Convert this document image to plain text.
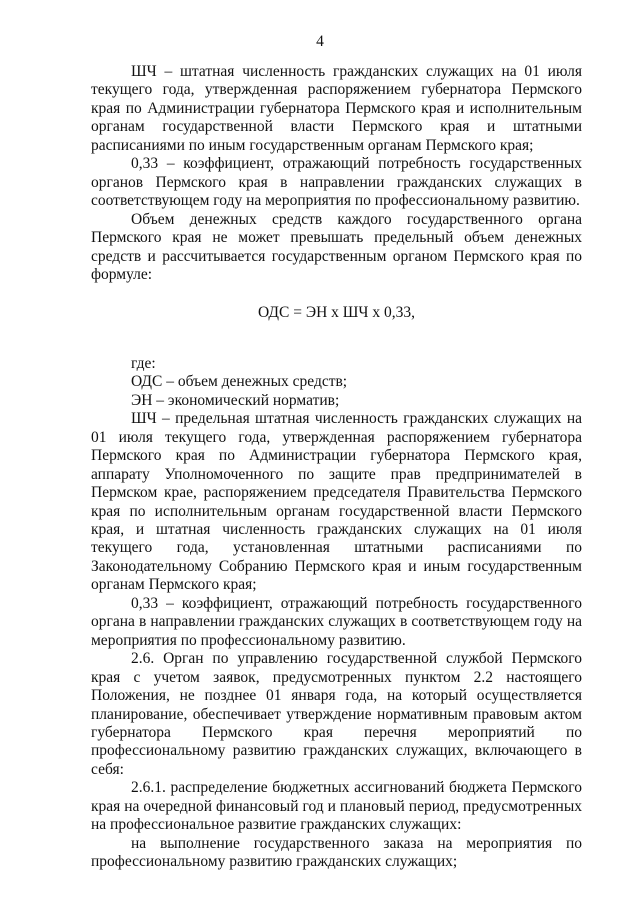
4

ШЧ – штатная численность гражданских служащих на 01 июля текущего года, утвержденная распоряжением губернатора Пермского края по Администрации губернатора Пермского края и исполнительным органам государственной власти Пермского края и штатными расписаниями по иным государственным органам Пермского края;

0,33 – коэффициент, отражающий потребность государственных органов Пермского края в направлении гражданских служащих в соответствующем году на мероприятия по профессиональному развитию.

Объем денежных средств каждого государственного органа Пермского края не может превышать предельный объем денежных средств и рассчитывается государственным органом Пермского края по формуле:

ОДС = ЭН х ШЧ х 0,33,

где:

ОДС – объем денежных средств;

ЭН – экономический норматив;

ШЧ – предельная штатная численность гражданских служащих на 01 июля текущего года, утвержденная распоряжением губернатора Пермского края по Администрации губернатора Пермского края, аппарату Уполномоченного по защите прав предпринимателей в Пермском крае, распоряжением председателя Правительства Пермского края по исполнительным органам государственной власти Пермского края, и штатная численность гражданских служащих на 01 июля текущего года, установленная штатными расписаниями по Законодательному Собранию Пермского края и иным государственным органам Пермского края;

0,33 – коэффициент, отражающий потребность государственного органа в направлении гражданских служащих в соответствующем году на мероприятия по профессиональному развитию.

2.6. Орган по управлению государственной службой Пермского края с учетом заявок, предусмотренных пунктом 2.2 настоящего Положения, не позднее 01 января года, на который осуществляется планирование, обеспечивает утверждение нормативным правовым актом губернатора Пермского края перечня мероприятий по профессиональному развитию гражданских служащих, включающего в себя:

2.6.1. распределение бюджетных ассигнований бюджета Пермского края на очередной финансовый год и плановый период, предусмотренных на профессиональное развитие гражданских служащих:

на выполнение государственного заказа на мероприятия по профессиональному развитию гражданских служащих;
